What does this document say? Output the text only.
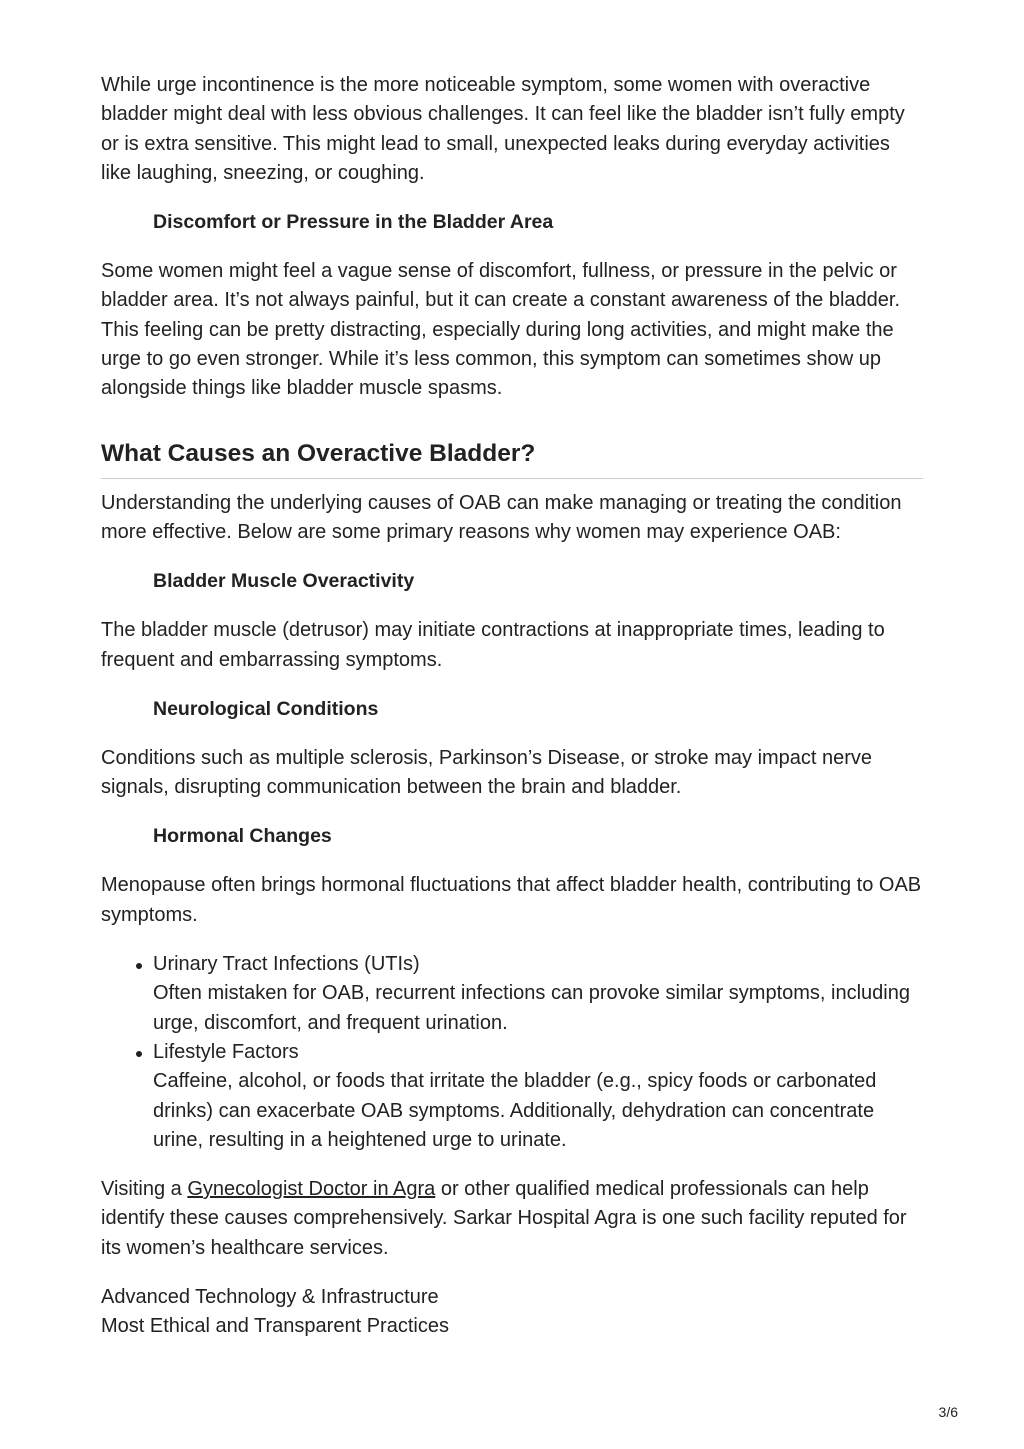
While urge incontinence is the more noticeable symptom, some women with overactive bladder might deal with less obvious challenges. It can feel like the bladder isn’t fully empty or is extra sensitive. This might lead to small, unexpected leaks during everyday activities like laughing, sneezing, or coughing.

Discomfort or Pressure in the Bladder Area

Some women might feel a vague sense of discomfort, fullness, or pressure in the pelvic or bladder area. It’s not always painful, but it can create a constant awareness of the bladder. This feeling can be pretty distracting, especially during long activities, and might make the urge to go even stronger. While it’s less common, this symptom can sometimes show up alongside things like bladder muscle spasms.

What Causes an Overactive Bladder?

Understanding the underlying causes of OAB can make managing or treating the condition more effective. Below are some primary reasons why women may experience OAB:

Bladder Muscle Overactivity

The bladder muscle (detrusor) may initiate contractions at inappropriate times, leading to frequent and embarrassing symptoms.

Neurological Conditions

Conditions such as multiple sclerosis, Parkinson’s Disease, or stroke may impact nerve signals, disrupting communication between the brain and bladder.

Hormonal Changes

Menopause often brings hormonal fluctuations that affect bladder health, contributing to OAB symptoms.

Urinary Tract Infections (UTIs)
Often mistaken for OAB, recurrent infections can provoke similar symptoms, including urge, discomfort, and frequent urination.
Lifestyle Factors
Caffeine, alcohol, or foods that irritate the bladder (e.g., spicy foods or carbonated drinks) can exacerbate OAB symptoms. Additionally, dehydration can concentrate urine, resulting in a heightened urge to urinate.

Visiting a Gynecologist Doctor in Agra or other qualified medical professionals can help identify these causes comprehensively. Sarkar Hospital Agra is one such facility reputed for its women’s healthcare services.

Advanced Technology & Infrastructure
Most Ethical and Transparent Practices

3/6
